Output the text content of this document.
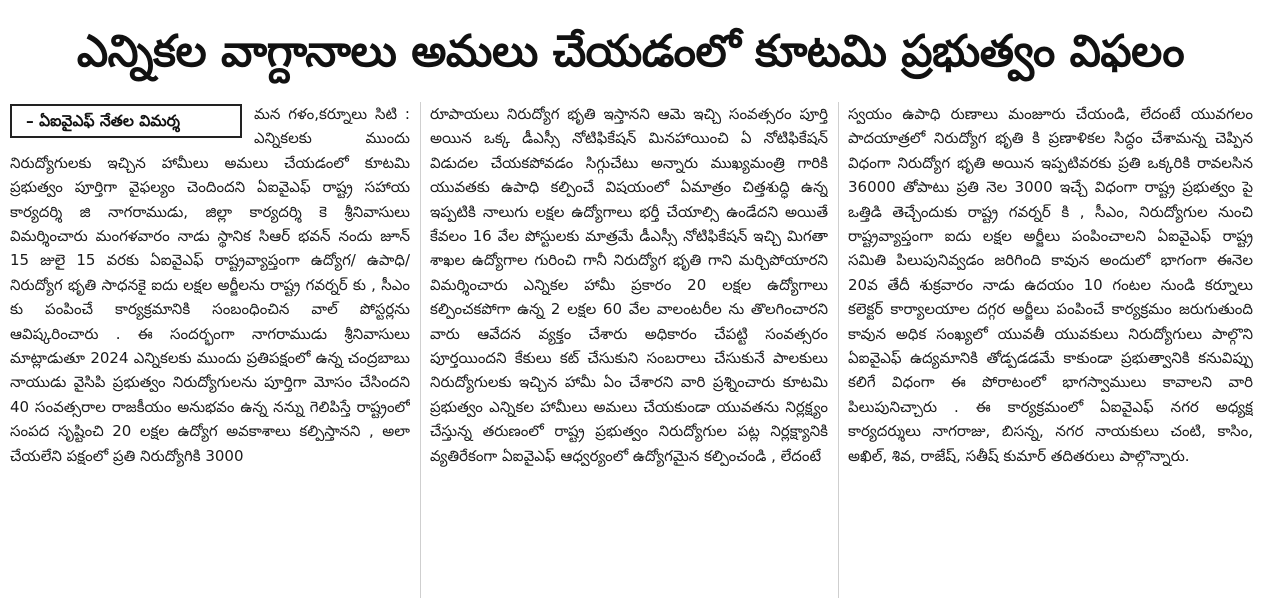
ఎన్నికల వాగ్దానాలు అమలు చేయడంలో కూటమి ప్రభుత్వం విఫలం
– ఏఐవైఎఫ్ నేతల విమర్శ	మన గళం,కర్నూలు సిటి : ఎన్నికలకు ముందు నిరుద్యోగులకు ఇచ్చిన హామీలు అమలు చేయడంలో కూటమి ప్రభుత్వం పూర్తిగా వైఫల్యం చెందిందని ఏఐవైఎఫ్ రాష్ట్ర సహాయ కార్యదర్శి జి నాగరాముడు, జిల్లా కార్యదర్శి కె శ్రీనివాసులు విమర్శించారు మంగళవారం నాడు స్థానిక సిఆర్ భవన్ నందు జూన్ 15 జులై 15 వరకు ఏఐవైఎఫ్ రాష్ట్రవ్యాప్తంగా ఉద్యోగ/ ఉపాధి/నిరుద్యోగ భృతి సాధనకై ఐదు లక్షల అర్జీలను రాష్ట్ర గవర్నర్ కు , సీఎం కు పంపించే కార్యక్రమానికి సంబంధించిన వాల్ పోస్టర్లను ఆవిష్కరించారు . ఈ సందర్భంగా నాగరాముడు శ్రీనివాసులు మాట్లాడుతూ 2024 ఎన్నికలకు ముందు ప్రతిపక్షంలో ఉన్న చంద్రబాబు నాయుడు వైసిపి ప్రభుత్వం నిరుద్యోగులను పూర్తిగా మోసం చేసిందని 40 సంవత్సరాల రాజకీయం అనుభవం ఉన్న నన్ను గెలిపిస్తే రాష్ట్రంలో సంపద సృష్టించి 20 లక్షల ఉద్యోగ అవకాశాలు కల్పిస్తానని , అలా చేయలేని పక్షంలో ప్రతి నిరుద్యోగికి 3000

రూపాయలు నిరుద్యోగ భృతి ఇస్తానని ఆమె ఇచ్చి సంవత్సరం పూర్తి అయిన ఒక్క డీఎస్సీ నోటిఫికేషన్ మినహాయించి ఏ నోటిఫికేషన్ విడుదల చేయకపోవడం సిగ్గుచేటు అన్నారు ముఖ్యమంత్రి గారికి యువతకు ఉపాధి కల్పించే విషయంలో ఏమాత్రం చిత్తశుద్ధి ఉన్న ఇప్పటికి నాలుగు లక్షల ఉద్యోగాలు భర్తీ చేయాల్సి ఉండేదని అయితే కేవలం 16 వేల పోస్టులకు మాత్రమే డీఎస్సీ నోటిఫికేషన్ ఇచ్చి మిగతా శాఖల ఉద్యోగాల గురించి గానీ నిరుద్యోగ భృతి గాని మర్చిపోయారని విమర్శించారు ఎన్నికల హామీ ప్రకారం 20 లక్షల ఉద్యోగాలు కల్పించకపోగా ఉన్న 2 లక్షల 60 వేల వాలంటరీల ను తొలగించారని వారు ఆవేదన వ్యక్తం చేశారు అధికారం చేపట్టి సంవత్సరం పూర్తయిందని కేకులు కట్ చేసుకుని సంబరాలు చేసుకునే పాలకులు నిరుద్యోగులకు ఇచ్చిన హామీ ఏం చేశారని వారి ప్రశ్నించారు కూటమి ప్రభుత్వం ఎన్నికల హామీలు అమలు చేయకుండా యువతను నిర్లక్ష్యం చేస్తున్న తరుణంలో రాష్ట్ర ప్రభుత్వం నిరుద్యోగుల పట్ల నిర్లక్ష్యానికి వ్యతిరేకంగా ఏఐవైఎఫ్ ఆధ్వర్యంలో ఉద్యోగమైన కల్పించండి , లేదంటే

స్వయం ఉపాధి రుణాలు మంజూరు చేయండి, లేదంటే యువగలం పాదయాత్రలో నిరుద్యోగ భృతి కి ప్రణాళికల సిద్ధం చేశామన్న చెప్పిన విధంగా నిరుద్యోగ భృతి అయిన ఇప్పటివరకు ప్రతి ఒక్కరికి రావలసిన 36000 తోపాటు ప్రతి నెల 3000 ఇచ్చే విధంగా రాష్ట్ర ప్రభుత్వం పై ఒత్తిడి తెచ్చేందుకు రాష్ట్ర గవర్నర్ కి , సీఎం, నిరుద్యోగుల నుంచి రాష్ట్రవ్యాప్తంగా ఐదు లక్షల అర్జీలు పంపించాలని ఏఐవైఎఫ్ రాష్ట్ర సమితి పిలుపునివ్వడం జరిగింది కావున అందులో భాగంగా ఈనెల 20వ తేదీ శుక్రవారం నాడు ఉదయం 10 గంటల నుండి కర్నూలు కలెక్టర్ కార్యాలయాల దగ్గర అర్జీలు పంపించే కార్యక్రమం జరుగుతుంది కావున అధిక సంఖ్యలో యువతీ యువకులు నిరుద్యోగులు పాల్గొని ఏఐవైఎఫ్ ఉద్యమానికి తోడ్పడడమే కాకుండా ప్రభుత్వానికి కనువిప్పు కలిగే విధంగా ఈ పోరాటంలో భాగస్వాములు కావాలని వారి పిలుపునిచ్చారు . ఈ కార్యక్రమంలో ఏఐవైఎఫ్ నగర అధ్యక్ష కార్యదర్శులు నాగరాజు, బిసన్న, నగర నాయకులు చంటి, కాసిం, అఖిల్, శివ, రాజేష్, సతీష్ కుమార్ తదితరులు పాల్గొన్నారు.
